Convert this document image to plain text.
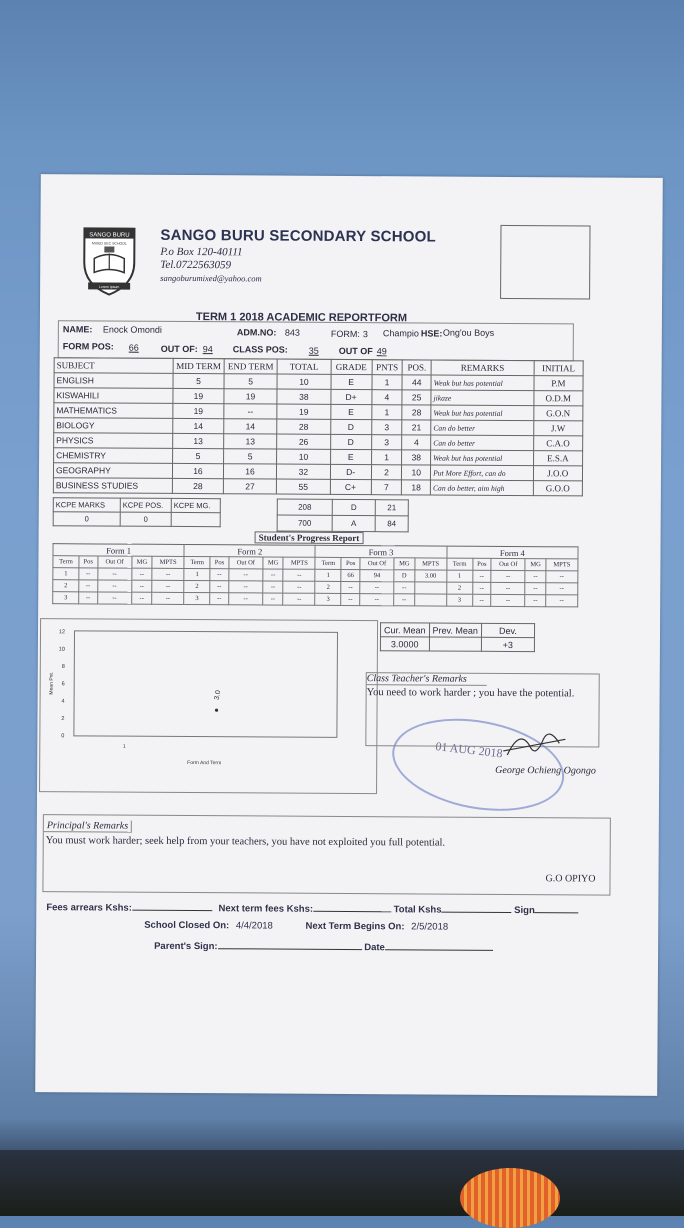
SANGO BURU
MIXED SEC SCHOOL
Lorem Ipsum
SANGO BURU SECONDARY SCHOOL
P.o Box 120-40111
Tel.0722563059
sangoburumixed@yahoo.com
TERM 1 2018 ACADEMIC REPORTFORM
NAME: Enock Omondi	ADM.NO: 843	FORM: 3 Champio HSE: Ong'ou Boys
FORM POS: 66 OUT OF: 94 CLASS POS: 35 OUT OF 49
SUBJECT	MID TERM	END TERM	TOTAL	GRADE	PNTS	POS.	REMARKS	INITIAL
ENGLISH	5	5	10	E	1	44	Weak but has potential	P.M
KISWAHILI	19	19	38	D+	4	25	jikaze	O.D.M
MATHEMATICS	19	--	19	E	1	28	Weak but has potential	G.O.N
BIOLOGY	14	14	28	D	3	21	Can do better	J.W
PHYSICS	13	13	26	D	3	4	Can do better	C.A.O
CHEMISTRY	5	5	10	E	1	38	Weak but has potential	E.S.A
GEOGRAPHY	16	16	32	D-	2	10	Put More Effort, can do	J.O.O
BUSINESS STUDIES	28	27	55	C+	7	18	Can do better, aim high	G.O.O
KCPE MARKS	KCPE POS.	KCPE MG.
0	0	
208	D	21
700	A	84
Student's Progress Report
Form 1					Form 2					Form 3					Form 4				
Term	Pos	Out Of	MG	MPTS	Term	Pos	Out Of	MG	MPTS	Term	Pos	Out Of	MG	MPTS	Term	Pos	Out Of	MG	MPTS
1	--	--	--	--	1	--	--	--	--	1	66	94	D	3.00	1	--	--	--	--
2	--	--	--	--	2	--	--	--	--	2	--	--	--		2	--	--	--	--
3	--	--	--	--	3	--	--	--	--	3	--	--	--		3	--	--	--	--
0
2
4
6
8
10
12
1
Mean Pnt.
Form And Term
3.0
Cur. Mean	Prev. Mean	Dev.
3.0000		+3
01 AUG 2018
Class Teacher's Remarks
You need to work harder ; you have the potential.
George Ochieng Ogongo
Principal's Remarks
You must work harder; seek help from your teachers, you have not exploited you full potential.
G.O OPIYO
Fees arrears Kshs:	Next term fees Kshs:	Total Kshs	Sign
School Closed On: 4/4/2018	Next Term Begins On: 2/5/2018
Parent's Sign:	Date
